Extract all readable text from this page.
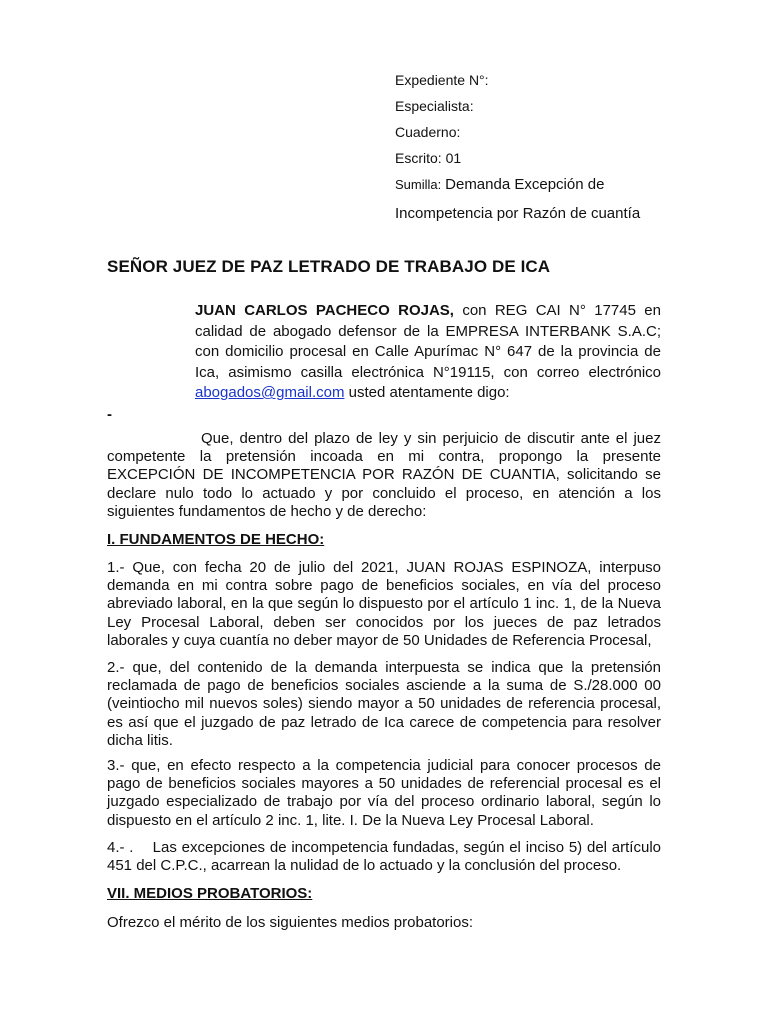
Expediente N°:
Especialista:
Cuaderno:
Escrito: 01
Sumilla: Demanda Excepción de
Incompetencia por Razón de cuantía
SEÑOR JUEZ DE PAZ LETRADO DE TRABAJO DE ICA
JUAN CARLOS PACHECO ROJAS, con REG CAI N° 17745 en calidad de abogado defensor de la EMPRESA INTERBANK S.A.C; con domicilio procesal en Calle Apurímac N° 647 de la provincia de Ica, asimismo casilla electrónica N°19115, con correo electrónico abogados@gmail.com usted atentamente digo:
-

Que, dentro del plazo de ley y sin perjuicio de discutir ante el juez competente la pretensión incoada en mi contra, propongo la presente EXCEPCIÓN DE INCOMPETENCIA POR RAZÓN DE CUANTIA, solicitando se declare nulo todo lo actuado y por concluido el proceso, en atención a los siguientes fundamentos de hecho y de derecho:

I. FUNDAMENTOS DE HECHO:

1.- Que, con fecha 20 de julio del 2021, JUAN ROJAS ESPINOZA, interpuso demanda en mi contra sobre pago de beneficios sociales, en vía del proceso abreviado laboral, en la que según lo dispuesto por el artículo 1 inc. 1, de la Nueva Ley Procesal Laboral, deben ser conocidos por los jueces de paz letrados laborales y cuya cuantía no deber mayor de 50 Unidades de Referencia Procesal,

2.- que, del contenido de la demanda interpuesta se indica que la pretensión reclamada de pago de beneficios sociales asciende a la suma de S./28.000 00 (veintiocho mil nuevos soles) siendo mayor a 50 unidades de referencia procesal, es así que el juzgado de paz letrado de Ica carece de competencia para resolver dicha litis.

3.- que, en efecto respecto a la competencia judicial para conocer procesos de pago de beneficios sociales mayores a 50 unidades de referencial procesal es el juzgado especializado de trabajo por vía del proceso ordinario laboral, según lo dispuesto en el artículo 2 inc. 1, lite. I. De la Nueva Ley Procesal Laboral.

4.- .    Las excepciones de incompetencia fundadas, según el inciso 5) del artículo 451 del C.P.C., acarrean la nulidad de lo actuado y la conclusión del proceso.

VII. MEDIOS PROBATORIOS:
Ofrezco el mérito de los siguientes medios probatorios:
